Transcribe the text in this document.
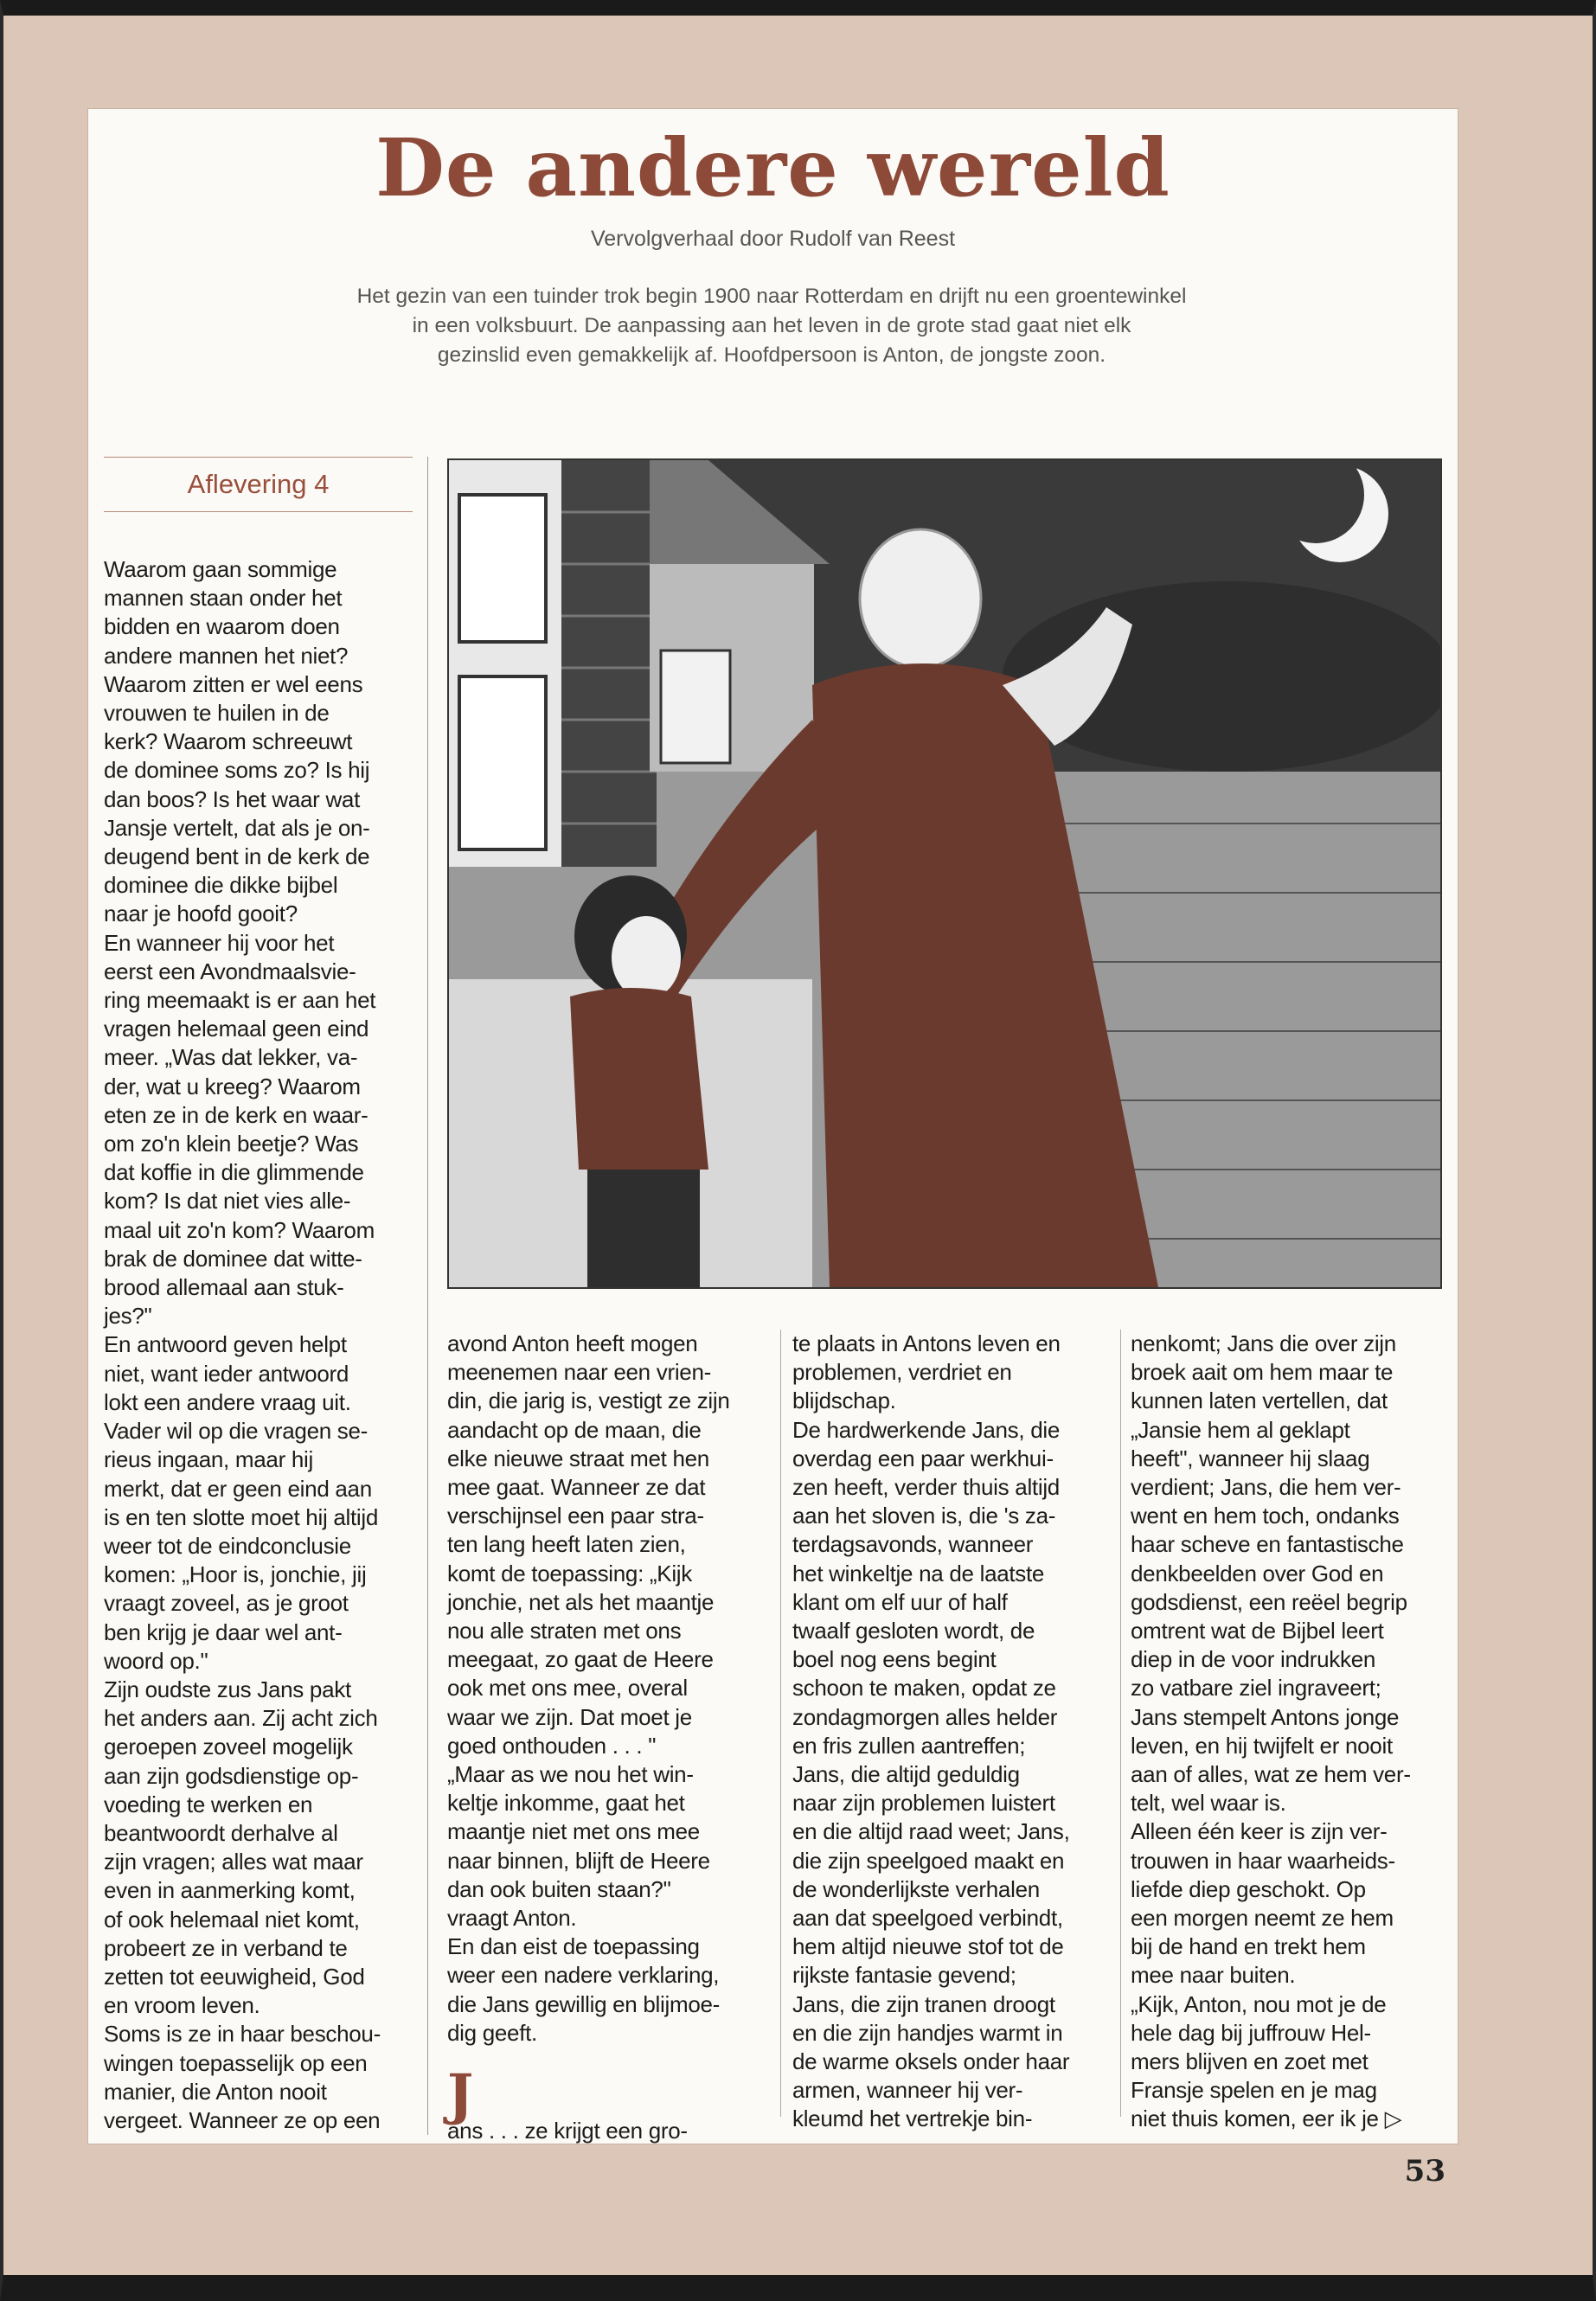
De andere wereld
Vervolgverhaal door Rudolf van Reest
Het gezin van een tuinder trok begin 1900 naar Rotterdam en drijft nu een groentewinkel
in een volksbuurt. De aanpassing aan het leven in de grote stad gaat niet elk
gezinslid even gemakkelijk af. Hoofdpersoon is Anton, de jongste zoon.
Aflevering 4
Waarom gaan sommige
mannen staan onder het
bidden en waarom doen
andere mannen het niet?
Waarom zitten er wel eens
vrouwen te huilen in de
kerk? Waarom schreeuwt
de dominee soms zo? Is hij
dan boos? Is het waar wat
Jansje vertelt, dat als je on-
deugend bent in de kerk de
dominee die dikke bijbel
naar je hoofd gooit?
En wanneer hij voor het
eerst een Avondmaalsvie-
ring meemaakt is er aan het
vragen helemaal geen eind
meer. „Was dat lekker, va-
der, wat u kreeg? Waarom
eten ze in de kerk en waar-
om zo'n klein beetje? Was
dat koffie in die glimmende
kom? Is dat niet vies alle-
maal uit zo'n kom? Waarom
brak de dominee dat witte-
brood allemaal aan stuk-
jes?"
En antwoord geven helpt
niet, want ieder antwoord
lokt een andere vraag uit.
Vader wil op die vragen se-
rieus ingaan, maar hij
merkt, dat er geen eind aan
is en ten slotte moet hij altijd
weer tot de eindconclusie
komen: „Hoor is, jonchie, jij
vraagt zoveel, as je groot
ben krijg je daar wel ant-
woord op."
Zijn oudste zus Jans pakt
het anders aan. Zij acht zich
geroepen zoveel mogelijk
aan zijn godsdienstige op-
voeding te werken en
beantwoordt derhalve al
zijn vragen; alles wat maar
even in aanmerking komt,
of ook helemaal niet komt,
probeert ze in verband te
zetten tot eeuwigheid, God
en vroom leven.
Soms is ze in haar beschou-
wingen toepasselijk op een
manier, die Anton nooit
vergeet. Wanneer ze op een
avond Anton heeft mogen
meenemen naar een vrien-
din, die jarig is, vestigt ze zijn
aandacht op de maan, die
elke nieuwe straat met hen
mee gaat. Wanneer ze dat
verschijnsel een paar stra-
ten lang heeft laten zien,
komt de toepassing: „Kijk
jonchie, net als het maantje
nou alle straten met ons
meegaat, zo gaat de Heere
ook met ons mee, overal
waar we zijn. Dat moet je
goed onthouden . . . "
„Maar as we nou het win-
keltje inkomme, gaat het
maantje niet met ons mee
naar binnen, blijft de Heere
dan ook buiten staan?"
vraagt Anton.
En dan eist de toepassing
weer een nadere verklaring,
die Jans gewillig en blijmoe-
dig geeft.
J
ans . . . ze krijgt een gro-
te plaats in Antons leven en
problemen, verdriet en
blijdschap.
De hardwerkende Jans, die
overdag een paar werkhui-
zen heeft, verder thuis altijd
aan het sloven is, die 's za-
terdagsavonds, wanneer
het winkeltje na de laatste
klant om elf uur of half
twaalf gesloten wordt, de
boel nog eens begint
schoon te maken, opdat ze
zondagmorgen alles helder
en fris zullen aantreffen;
Jans, die altijd geduldig
naar zijn problemen luistert
en die altijd raad weet; Jans,
die zijn speelgoed maakt en
de wonderlijkste verhalen
aan dat speelgoed verbindt,
hem altijd nieuwe stof tot de
rijkste fantasie gevend;
Jans, die zijn tranen droogt
en die zijn handjes warmt in
de warme oksels onder haar
armen, wanneer hij ver-
kleumd het vertrekje bin-
nenkomt; Jans die over zijn
broek aait om hem maar te
kunnen laten vertellen, dat
„Jansie hem al geklapt
heeft", wanneer hij slaag
verdient; Jans, die hem ver-
went en hem toch, ondanks
haar scheve en fantastische
denkbeelden over God en
godsdienst, een reëel begrip
omtrent wat de Bijbel leert
diep in de voor indrukken
zo vatbare ziel ingraveert;
Jans stempelt Antons jonge
leven, en hij twijfelt er nooit
aan of alles, wat ze hem ver-
telt, wel waar is.
Alleen één keer is zijn ver-
trouwen in haar waarheids-
liefde diep geschokt. Op
een morgen neemt ze hem
bij de hand en trekt hem
mee naar buiten.
„Kijk, Anton, nou mot je de
hele dag bij juffrouw Hel-
mers blijven en zoet met
Fransje spelen en je mag
niet thuis komen, eer ik je ▷
53
